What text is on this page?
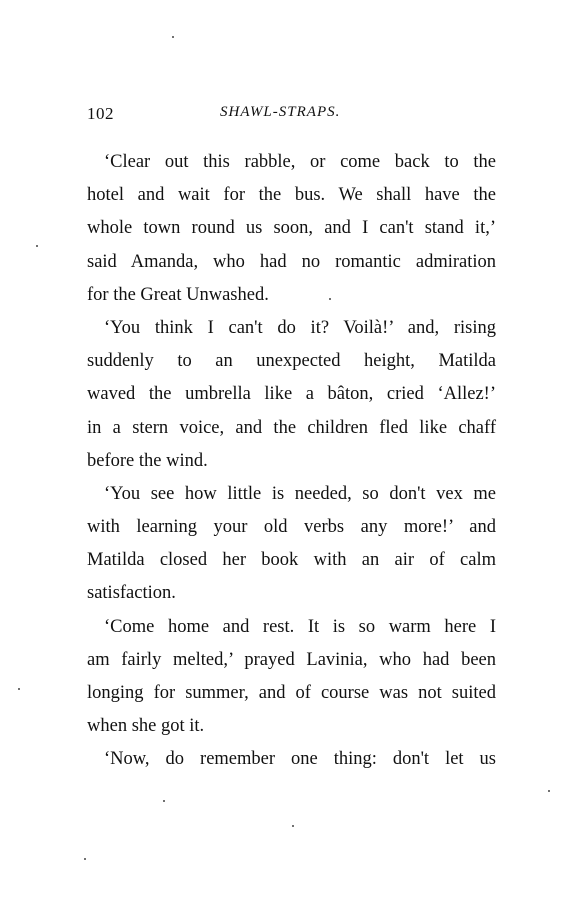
102	SHAWL-STRAPS.
‘Clear out this rabble, or come back to the
hotel and wait for the bus. We shall have the
whole town round us soon, and I can't stand it,’
said Amanda, who had no romantic admiration
for the Great Unwashed.
‘You think I can't do it? Voilà!’ and, rising
suddenly to an unexpected height, Matilda
waved the umbrella like a bâton, cried ‘Allez!’
in a stern voice, and the children fled like chaff
before the wind.
‘You see how little is needed, so don't vex me
with learning your old verbs any more!’ and
Matilda closed her book with an air of calm
satisfaction.
‘Come home and rest. It is so warm here I
am fairly melted,’ prayed Lavinia, who had been
longing for summer, and of course was not suited
when she got it.
‘Now, do remember one thing: don't let us
